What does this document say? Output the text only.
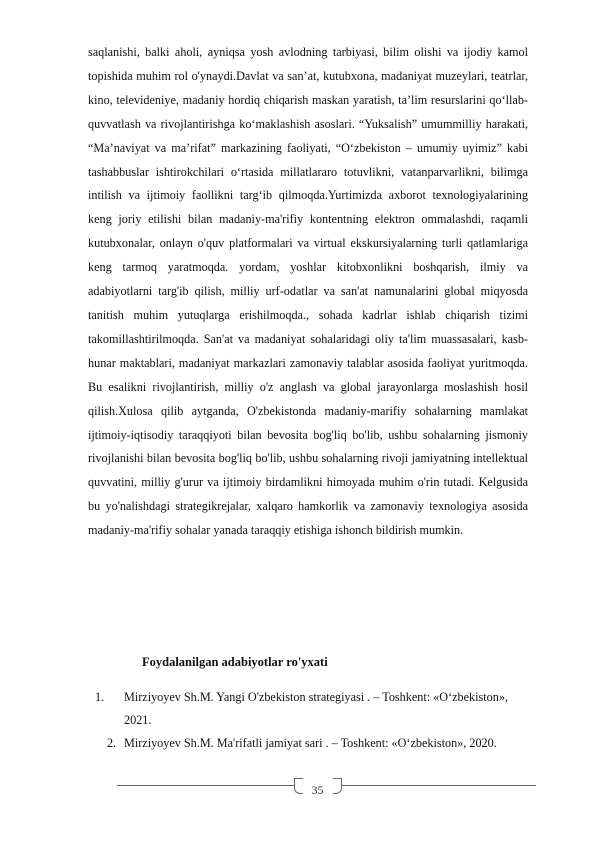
saqlanishi, balki aholi, ayniqsa yosh avlodning tarbiyasi, bilim olishi va ijodiy kamol topishida muhim rol o'ynaydi.Davlat va san’at, kutubxona, madaniyat muzeylari, teatrlar, kino, televideniye, madaniy hordiq chiqarish maskan yaratish, ta’lim resurslarini qo‘llab-quvvatlash va rivojlantirishga ko‘maklashish asoslari. “Yuksalish” umummilliy harakati, “Ma’naviyat va ma’rifat” markazining faoliyati, “O‘zbekiston – umumiy uyimiz” kabi tashabbuslar ishtirokchilari o‘rtasida millatlararo totuvlikni, vatanparvarlikni, bilimga intilish va ijtimoiy faollikni targ‘ib qilmoqda.Yurtimizda axborot texnologiyalarining keng joriy etilishi bilan madaniy-ma'rifiy kontentning elektron ommalashdi, raqamli kutubxonalar, onlayn o'quv platformalari va virtual ekskursiyalarning turli qatlamlariga keng tarmoq yaratmoqda. yordam, yoshlar kitobxonlikni boshqarish, ilmiy va adabiyotlarni targ'ib qilish, milliy urf-odatlar va san'at namunalarini global miqyosda tanitish muhim yutuqlarga erishilmoqda., sohada kadrlar ishlab chiqarish tizimi takomillashtirilmoqda. San'at va madaniyat sohalaridagi oliy ta'lim muassasalari, kasb-hunar maktablari, madaniyat markazlari zamonaviy talablar asosida faoliyat yuritmoqda. Bu esalikni rivojlantirish, milliy o'z anglash va global jarayonlarga moslashish hosil qilish.Xulosa qilib aytganda, O'zbekistonda madaniy-marifiy sohalarning mamlakat ijtimoiy-iqtisodiy taraqqiyoti bilan bevosita bog'liq bo'lib, ushbu sohalarning jismoniy rivojlanishi bilan bevosita bog'liq bo'lib, ushbu sohalarning rivoji jamiyatning intellektual quvvatini, milliy g'urur va ijtimoiy birdamlikni himoyada muhim o'rin tutadi. Kelgusida bu yo'nalishdagi strategikrejalar, xalqaro hamkorlik va zamonaviy texnologiya asosida madaniy-ma'rifiy sohalar yanada taraqqiy etishiga ishonch bildirish mumkin.

Foydalanilgan adabiyotlar ro'yxati
1. Mirziyoyev Sh.M. Yangi O'zbekiston strategiyasi . – Toshkent: «O‘zbekiston», 2021.
2. Mirziyoyev Sh.M. Ma'rifatli jamiyat sari . – Toshkent: «O‘zbekiston», 2020.
35
